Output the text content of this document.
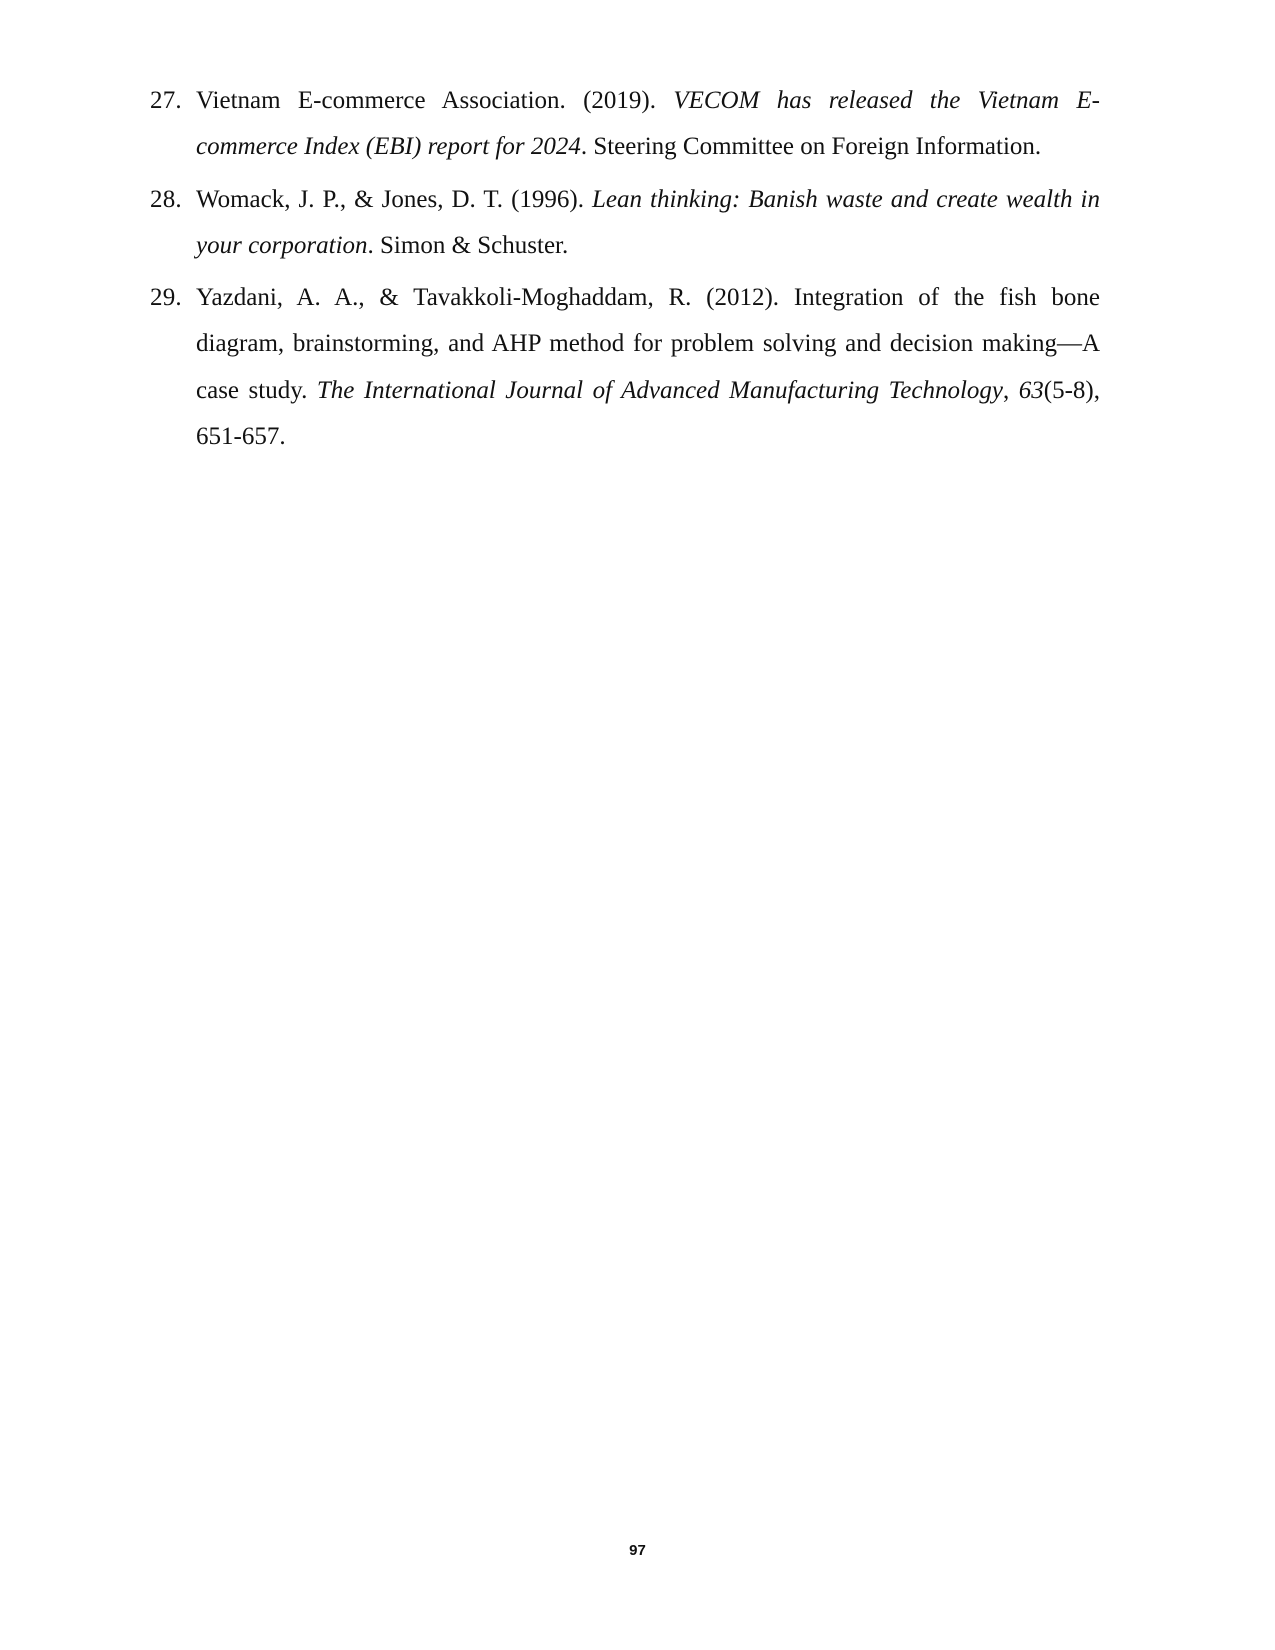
27. Vietnam E-commerce Association. (2019). VECOM has released the Vietnam E-commerce Index (EBI) report for 2024. Steering Committee on Foreign Information.
28. Womack, J. P., & Jones, D. T. (1996). Lean thinking: Banish waste and create wealth in your corporation. Simon & Schuster.
29. Yazdani, A. A., & Tavakkoli-Moghaddam, R. (2012). Integration of the fish bone diagram, brainstorming, and AHP method for problem solving and decision making—A case study. The International Journal of Advanced Manufacturing Technology, 63(5-8), 651-657.
97
